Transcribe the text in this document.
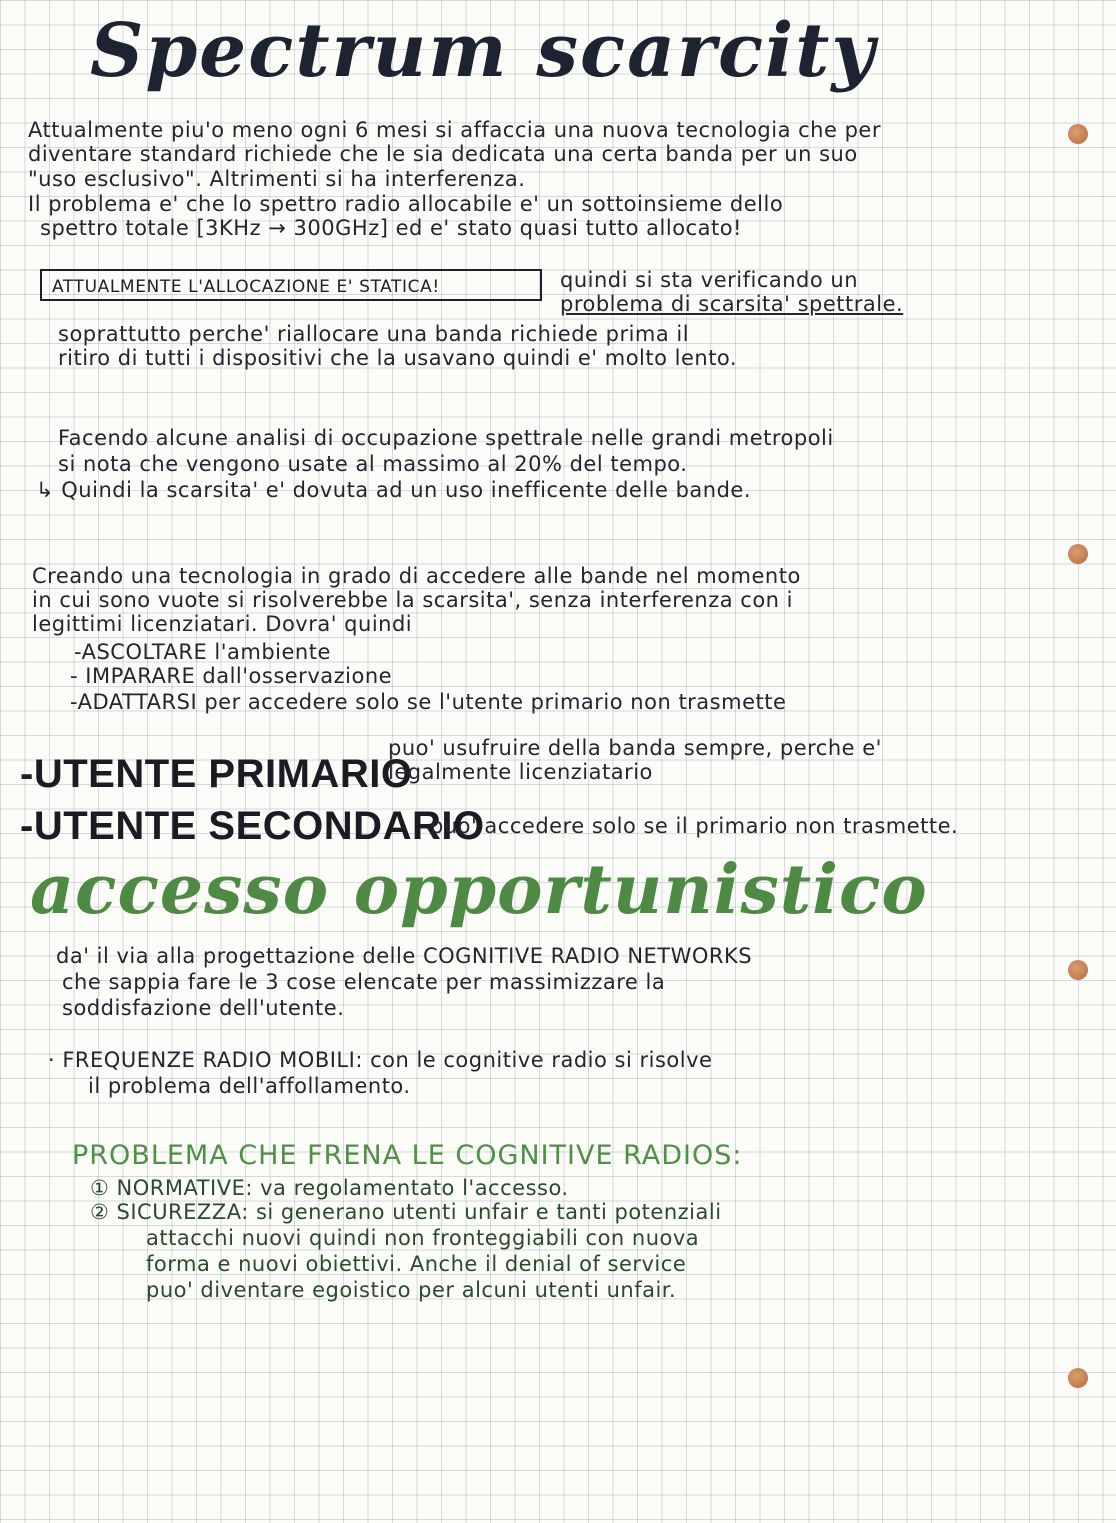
Spectrum scarcity
Attualmente piu'o meno ogni 6 mesi si affaccia una nuova tecnologia che per
diventare standard richiede che le sia dedicata una certa banda per un suo
"uso esclusivo". Altrimenti si ha interferenza.
Il problema e' che lo spettro radio allocabile e' un sottoinsieme dello
spettro totale [3KHz → 300GHz] ed e' stato quasi tutto allocato!
ATTUALMENTE L'ALLOCAZIONE E' STATICA!	quindi si sta verificando un
problema di scarsita' spettrale.
soprattutto perche' riallocare una banda richiede prima il
ritiro di tutti i dispositivi che la usavano quindi e' molto lento.
Facendo alcune analisi di occupazione spettrale nelle grandi metropoli
si nota che vengono usate al massimo al 20% del tempo.
↳ Quindi la scarsita' e' dovuta ad un uso inefficente delle bande.
Creando una tecnologia in grado di accedere alle bande nel momento
in cui sono vuote si risolverebbe la scarsita', senza interferenza con i
legittimi licenziatari. Dovra' quindi
-ASCOLTARE l'ambiente
- IMPARARE dall'osservazione
-ADATTARSI per accedere solo se l'utente primario non trasmette
-UTENTE PRIMARIO
puo' usufruire della banda sempre, perche e'
legalmente licenziatario
-UTENTE SECONDARIO
puo' accedere solo se il primario non trasmette.
accesso opportunistico
da' il via alla progettazione delle COGNITIVE RADIO NETWORKS
che sappia fare le 3 cose elencate per massimizzare la
soddisfazione dell'utente.
· FREQUENZE RADIO MOBILI: con le cognitive radio si risolve
il problema dell'affollamento.
PROBLEMA CHE FRENA LE COGNITIVE RADIOS:
① NORMATIVE: va regolamentato l'accesso.
② SICUREZZA: si generano utenti unfair e tanti potenziali
attacchi nuovi quindi non fronteggiabili con nuova
forma e nuovi obiettivi. Anche il denial of service
puo' diventare egoistico per alcuni utenti unfair.
